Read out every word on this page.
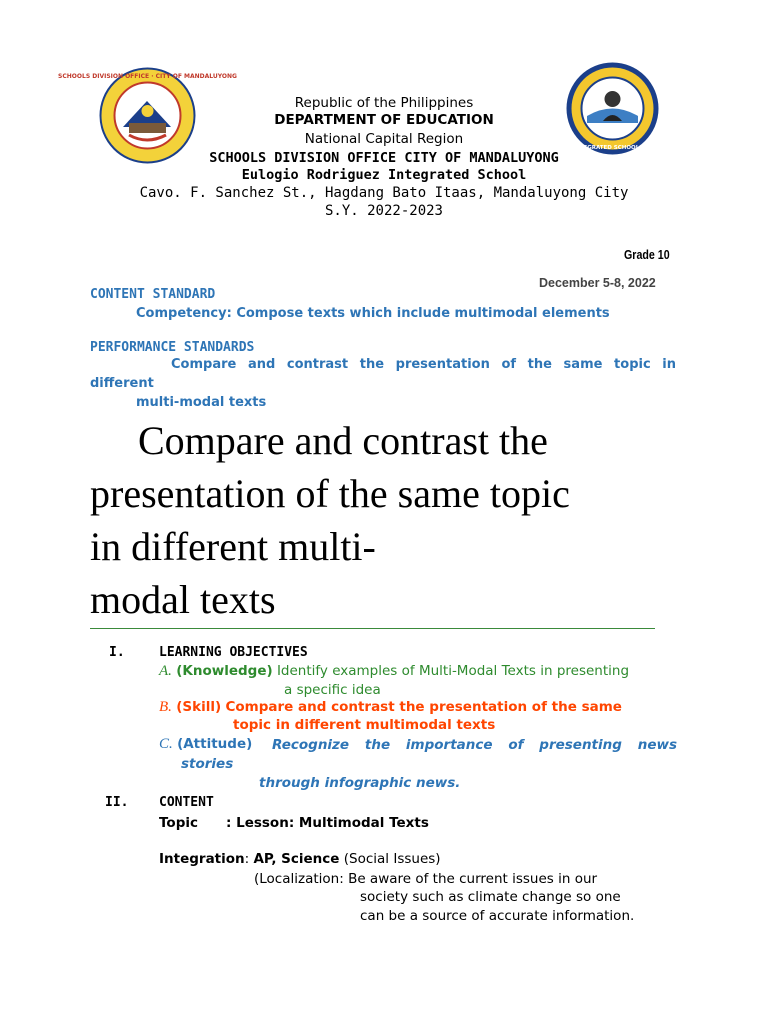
SCHOOLS DIVISION OFFICE · CITY OF MANDALUYONG
EULOGIO RODRIGUEZ INTEGRATED SCHOOL · CITY OF MANDALUYONG
Republic of the Philippines
DEPARTMENT OF EDUCATION
National Capital Region
SCHOOLS DIVISION OFFICE CITY OF MANDALUYONG
Eulogio Rodriguez Integrated School
Cavo. F. Sanchez St., Hagdang Bato Itaas, Mandaluyong City
S.Y. 2022-2023
Grade 10
December 5-8, 2022
CONTENT STANDARD
Competency: Compose texts which include multimodal elements
PERFORMANCE STANDARDS
Compare and contrast the presentation of the same topic in
different
multi-modal texts
Compare and contrast the
presentation of the same topic
in different multi-
modal texts
I.	LEARNING OBJECTIVES
A. (Knowledge) Identify examples of Multi-Modal Texts in presenting
a specific idea
B. (Skill) Compare and contrast the presentation of the same
topic in different multimodal texts
C. (Attitude) Recognize the importance of presenting news
stories
through infographic news.
II. CONTENT
Topic : Lesson: Multimodal Texts
Integration: AP, Science (Social Issues)
(Localization: Be aware of the current issues in our
society such as climate change so one
can be a source of accurate information.
